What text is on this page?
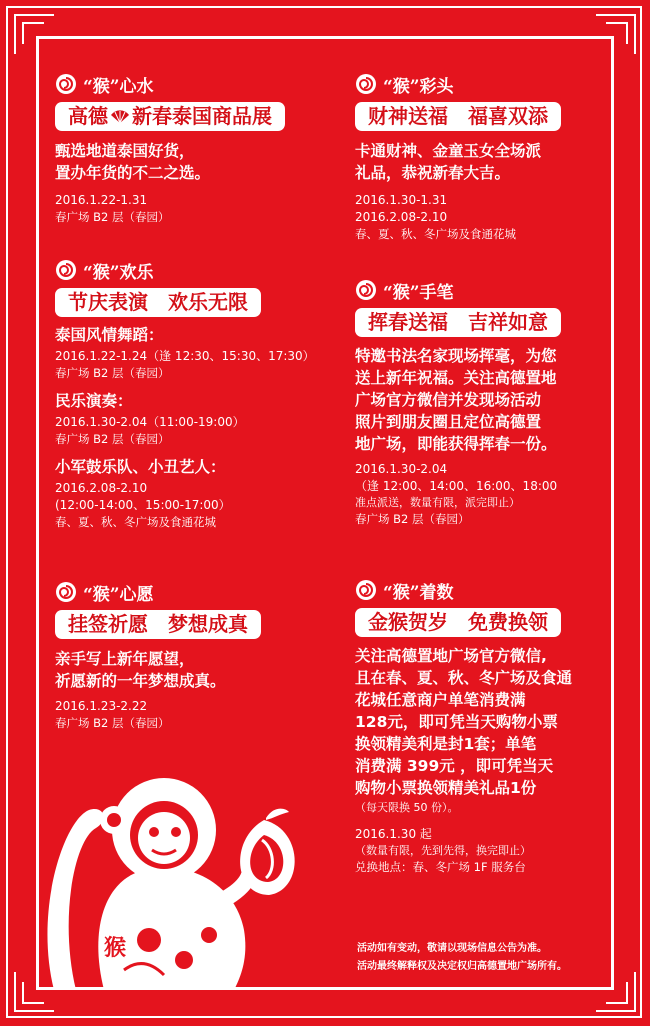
“猴”心水
高德 新春泰国商品展
甄选地道泰国好货，
置办年货的不二之选。
2016.1.22-1.31
春广场 B2 层（春园）
“猴”欢乐
节庆表演　欢乐无限
泰国风情舞蹈：
2016.1.22-1.24（逢 12:30、15:30、17:30）
春广场 B2 层（春园）
民乐演奏：
2016.1.30-2.04（11:00-19:00）
春广场 B2 层（春园）
小军鼓乐队、小丑艺人：
2016.2.08-2.10
(12:00-14:00、15:00-17:00）
春、夏、秋、冬广场及食通花城
“猴”心愿
挂签祈愿　梦想成真
亲手写上新年愿望，
祈愿新的一年梦想成真。
2016.1.23-2.22
春广场 B2 层（春园）
“猴”彩头
财神送福　福喜双添
卡通财神、金童玉女全场派
礼品，恭祝新春大吉。
2016.1.30-1.31
2016.2.08-2.10
春、夏、秋、冬广场及食通花城
“猴”手笔
挥春送福　吉祥如意
特邀书法名家现场挥毫，为您
送上新年祝福。关注高德置地
广场官方微信并发现场活动
照片到朋友圈且定位高德置
地广场，即能获得挥春一份。
2016.1.30-2.04
（逢 12:00、14:00、16:00、18:00
准点派送，数量有限，派完即止）
春广场 B2 层（春园）
“猴”着数
金猴贺岁　免费换领
关注高德置地广场官方微信,
且在春、夏、秋、冬广场及食通
花城任意商户单笔消费满
128元，即可凭当天购物小票
换领精美利是封1套；单笔
消费满 399元 ，即可凭当天
购物小票换领精美礼品1份
（每天限换 50 份）。
2016.1.30 起
（数量有限，先到先得，换完即止）
兑换地点：春、冬广场 1F 服务台
猴	活动如有变动，敬请以现场信息公告为准。
活动最终解释权及决定权归高德置地广场所有。
